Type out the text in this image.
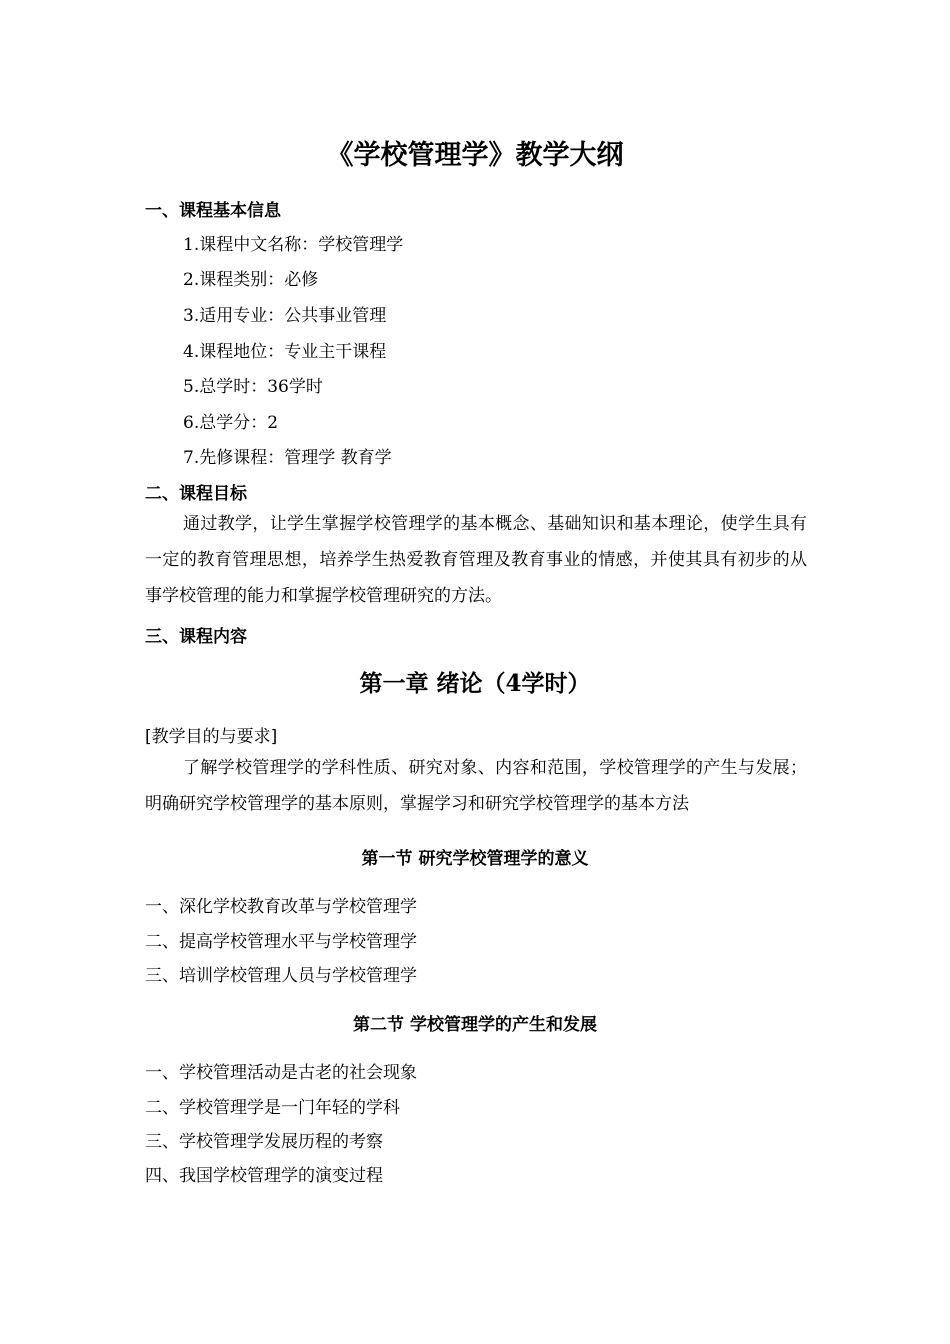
《学校管理学》教学大纲
一、课程基本信息
1.课程中文名称：学校管理学
2.课程类别：必修
3.适用专业：公共事业管理
4.课程地位：专业主干课程
5.总学时：36学时
6.总学分：2
7.先修课程：管理学 教育学
二、课程目标
通过教学，让学生掌握学校管理学的基本概念、基础知识和基本理论，使学生具有一定的教育管理思想，培养学生热爱教育管理及教育事业的情感，并使其具有初步的从事学校管理的能力和掌握学校管理研究的方法。
三、课程内容
第一章 绪论（4学时）
[教学目的与要求]
了解学校管理学的学科性质、研究对象、内容和范围，学校管理学的产生与发展；明确研究学校管理学的基本原则，掌握学习和研究学校管理学的基本方法
第一节 研究学校管理学的意义
一、深化学校教育改革与学校管理学
二、提高学校管理水平与学校管理学
三、培训学校管理人员与学校管理学
第二节 学校管理学的产生和发展
一、学校管理活动是古老的社会现象
二、学校管理学是一门年轻的学科
三、学校管理学发展历程的考察
四、我国学校管理学的演变过程
